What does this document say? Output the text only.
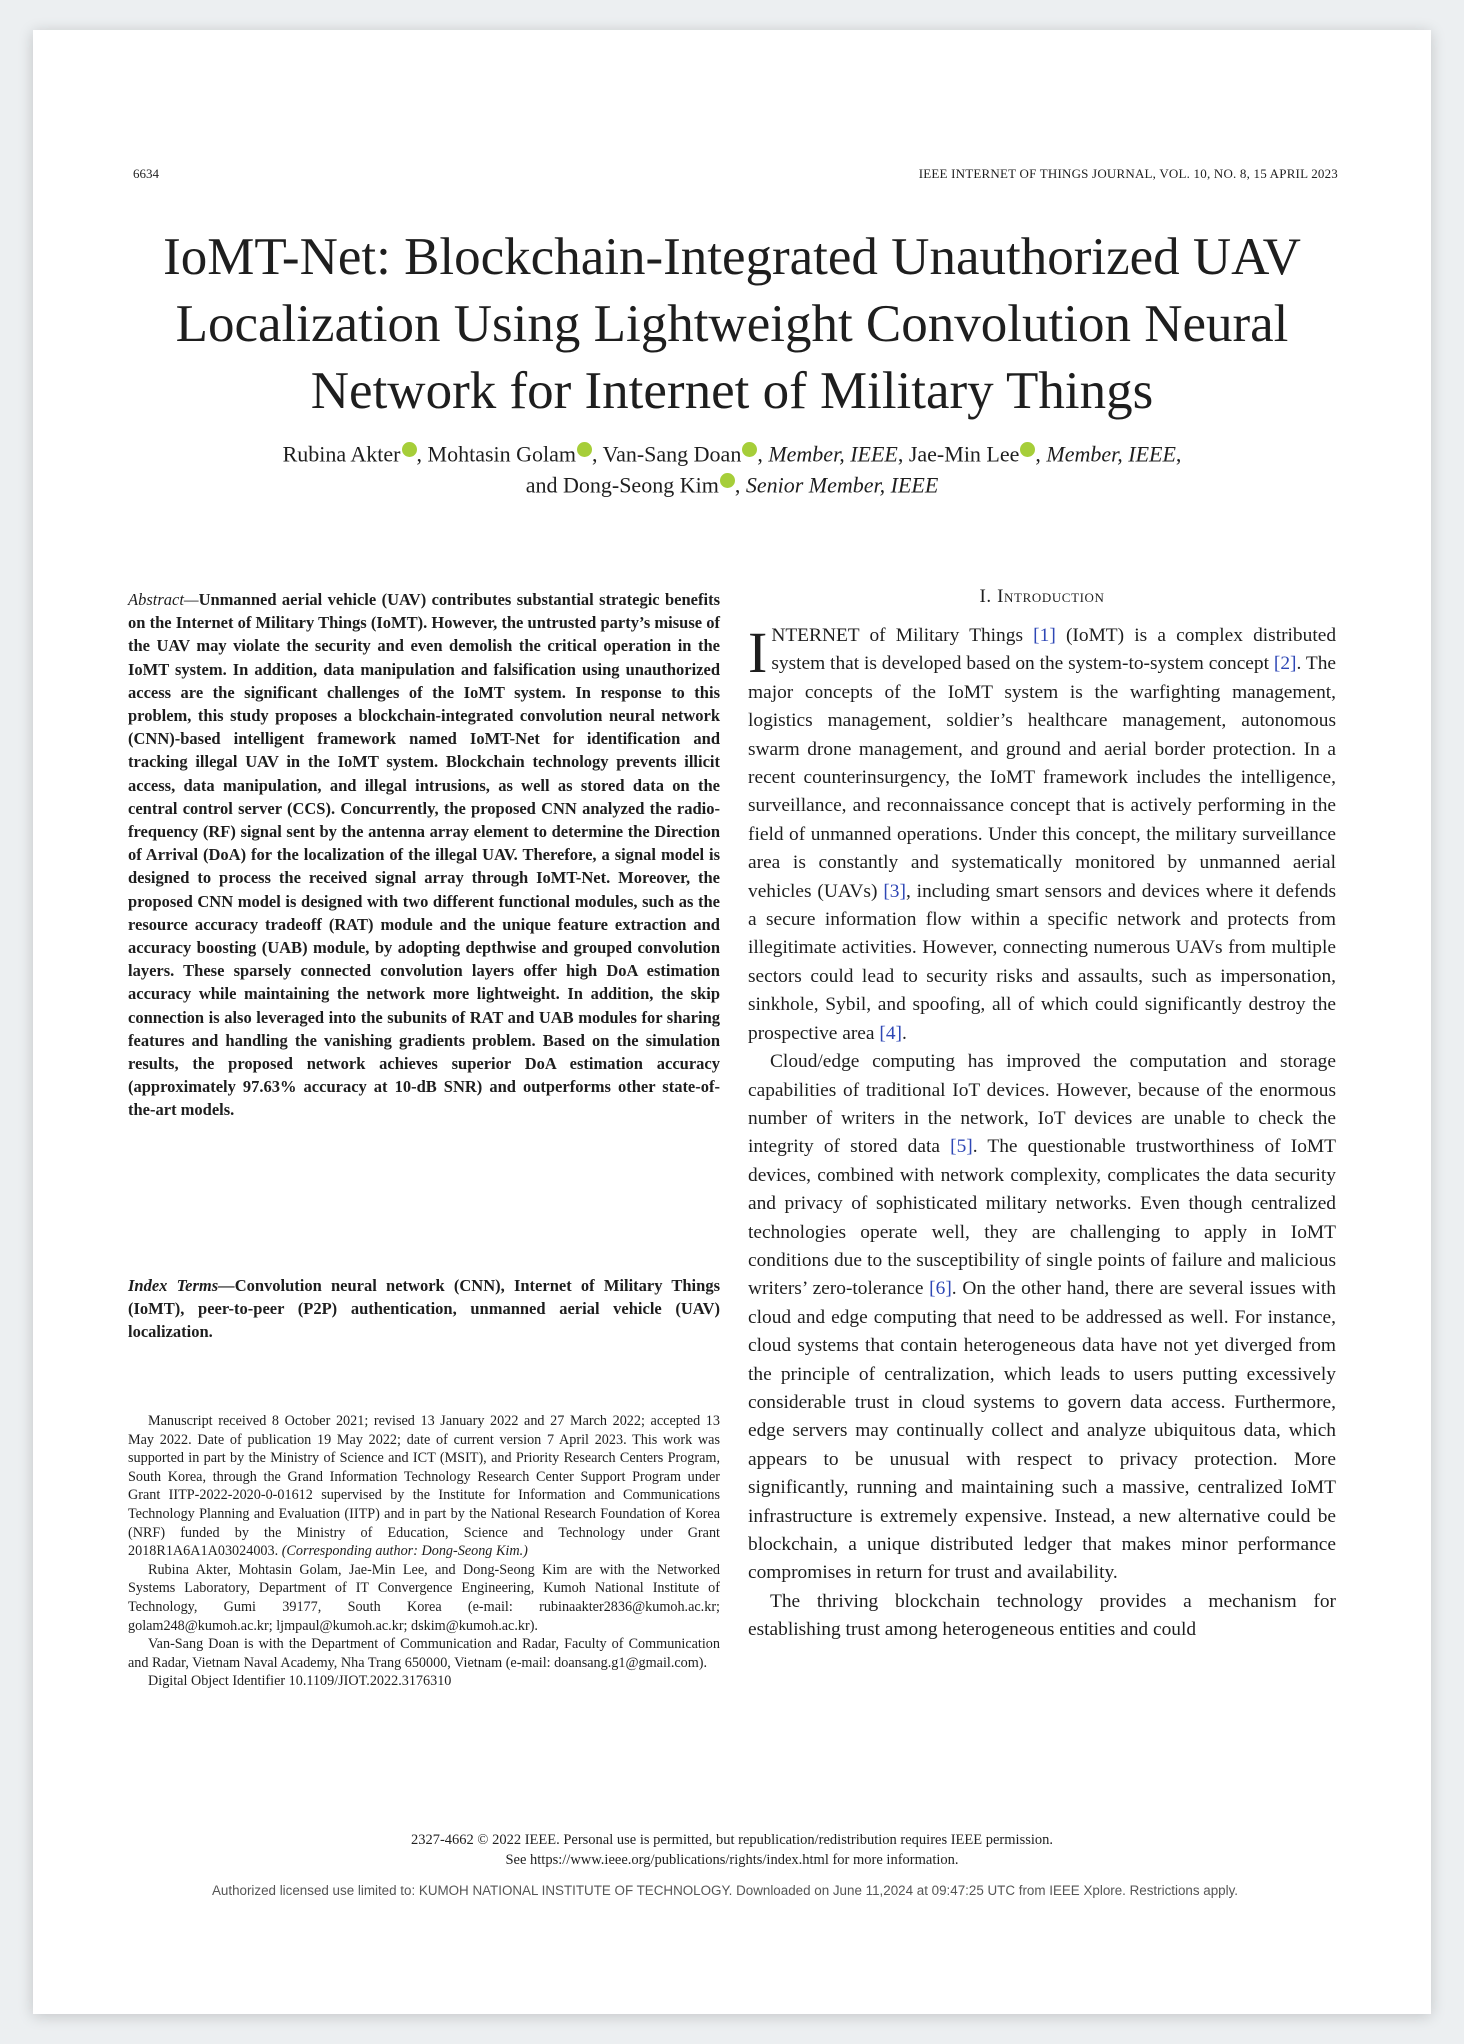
6634	IEEE INTERNET OF THINGS JOURNAL, VOL. 10, NO. 8, 15 APRIL 2023
IoMT-Net: Blockchain-Integrated Unauthorized UAV Localization Using Lightweight Convolution Neural Network for Internet of Military Things
Rubina Akter , Mohtasin Golam , Van-Sang Doan , Member, IEEE, Jae-Min Lee , Member, IEEE,
and Dong-Seong Kim , Senior Member, IEEE
Abstract—Unmanned aerial vehicle (UAV) contributes substantial strategic benefits on the Internet of Military Things (IoMT). However, the untrusted party’s misuse of the UAV may violate the security and even demolish the critical operation in the IoMT system. In addition, data manipulation and falsification using unauthorized access are the significant challenges of the IoMT system. In response to this problem, this study proposes a blockchain-integrated convolution neural network (CNN)-based intelligent framework named IoMT-Net for identification and tracking illegal UAV in the IoMT system. Blockchain technology prevents illicit access, data manipulation, and illegal intrusions, as well as stored data on the central control server (CCS). Concurrently, the proposed CNN analyzed the radio-frequency (RF) signal sent by the antenna array element to determine the Direction of Arrival (DoA) for the localization of the illegal UAV. Therefore, a signal model is designed to process the received signal array through IoMT-Net. Moreover, the proposed CNN model is designed with two different functional modules, such as the resource accuracy tradeoff (RAT) module and the unique feature extraction and accuracy boosting (UAB) module, by adopting depthwise and grouped convolution layers. These sparsely connected convolution layers offer high DoA estimation accuracy while maintaining the network more lightweight. In addition, the skip connection is also leveraged into the subunits of RAT and UAB modules for sharing features and handling the vanishing gradients problem. Based on the simulation results, the proposed network achieves superior DoA estimation accuracy (approximately 97.63% accuracy at 10-dB SNR) and outperforms other state-of-the-art models.
Index Terms—Convolution neural network (CNN), Internet of Military Things (IoMT), peer-to-peer (P2P) authentication, unmanned aerial vehicle (UAV) localization.

Manuscript received 8 October 2021; revised 13 January 2022 and 27 March 2022; accepted 13 May 2022. Date of publication 19 May 2022; date of current version 7 April 2023. This work was supported in part by the Ministry of Science and ICT (MSIT), and Priority Research Centers Program, South Korea, through the Grand Information Technology Research Center Support Program under Grant IITP-2022-2020-0-01612 supervised by the Institute for Information and Communications Technology Planning and Evaluation (IITP) and in part by the National Research Foundation of Korea (NRF) funded by the Ministry of Education, Science and Technology under Grant 2018R1A6A1A03024003. (Corresponding author: Dong-Seong Kim.)

Rubina Akter, Mohtasin Golam, Jae-Min Lee, and Dong-Seong Kim are with the Networked Systems Laboratory, Department of IT Convergence Engineering, Kumoh National Institute of Technology, Gumi 39177, South Korea (e-mail: rubinaakter2836@kumoh.ac.kr; golam248@kumoh.ac.kr; ljmpaul@kumoh.ac.kr; dskim@kumoh.ac.kr).

Van-Sang Doan is with the Department of Communication and Radar, Faculty of Communication and Radar, Vietnam Naval Academy, Nha Trang 650000, Vietnam (e-mail: doansang.g1@gmail.com).

Digital Object Identifier 10.1109/JIOT.2022.3176310

I. Introduction

INTERNET of Military Things [1] (IoMT) is a complex distributed system that is developed based on the system-to-system concept [2]. The major concepts of the IoMT system is the warfighting management, logistics management, soldier’s healthcare management, autonomous swarm drone management, and ground and aerial border protection. In a recent counterinsurgency, the IoMT framework includes the intelligence, surveillance, and reconnaissance concept that is actively performing in the field of unmanned operations. Under this concept, the military surveillance area is constantly and systematically monitored by unmanned aerial vehicles (UAVs) [3], including smart sensors and devices where it defends a secure information flow within a specific network and protects from illegitimate activities. However, connecting numerous UAVs from multiple sectors could lead to security risks and assaults, such as impersonation, sinkhole, Sybil, and spoofing, all of which could significantly destroy the prospective area [4].

Cloud/edge computing has improved the computation and storage capabilities of traditional IoT devices. However, because of the enormous number of writers in the network, IoT devices are unable to check the integrity of stored data [5]. The questionable trustworthiness of IoMT devices, combined with network complexity, complicates the data security and privacy of sophisticated military networks. Even though centralized technologies operate well, they are challenging to apply in IoMT conditions due to the susceptibility of single points of failure and malicious writers’ zero-tolerance [6]. On the other hand, there are several issues with cloud and edge computing that need to be addressed as well. For instance, cloud systems that contain heterogeneous data have not yet diverged from the principle of centralization, which leads to users putting excessively considerable trust in cloud systems to govern data access. Furthermore, edge servers may continually collect and analyze ubiquitous data, which appears to be unusual with respect to privacy protection. More significantly, running and maintaining such a massive, centralized IoMT infrastructure is extremely expensive. Instead, a new alternative could be blockchain, a unique distributed ledger that makes minor performance compromises in return for trust and availability.

The thriving blockchain technology provides a mechanism for establishing trust among heterogeneous entities and could

2327-4662 © 2022 IEEE. Personal use is permitted, but republication/redistribution requires IEEE permission.
See https://www.ieee.org/publications/rights/index.html for more information.
Authorized licensed use limited to: KUMOH NATIONAL INSTITUTE OF TECHNOLOGY. Downloaded on June 11,2024 at 09:47:25 UTC from IEEE Xplore. Restrictions apply.
